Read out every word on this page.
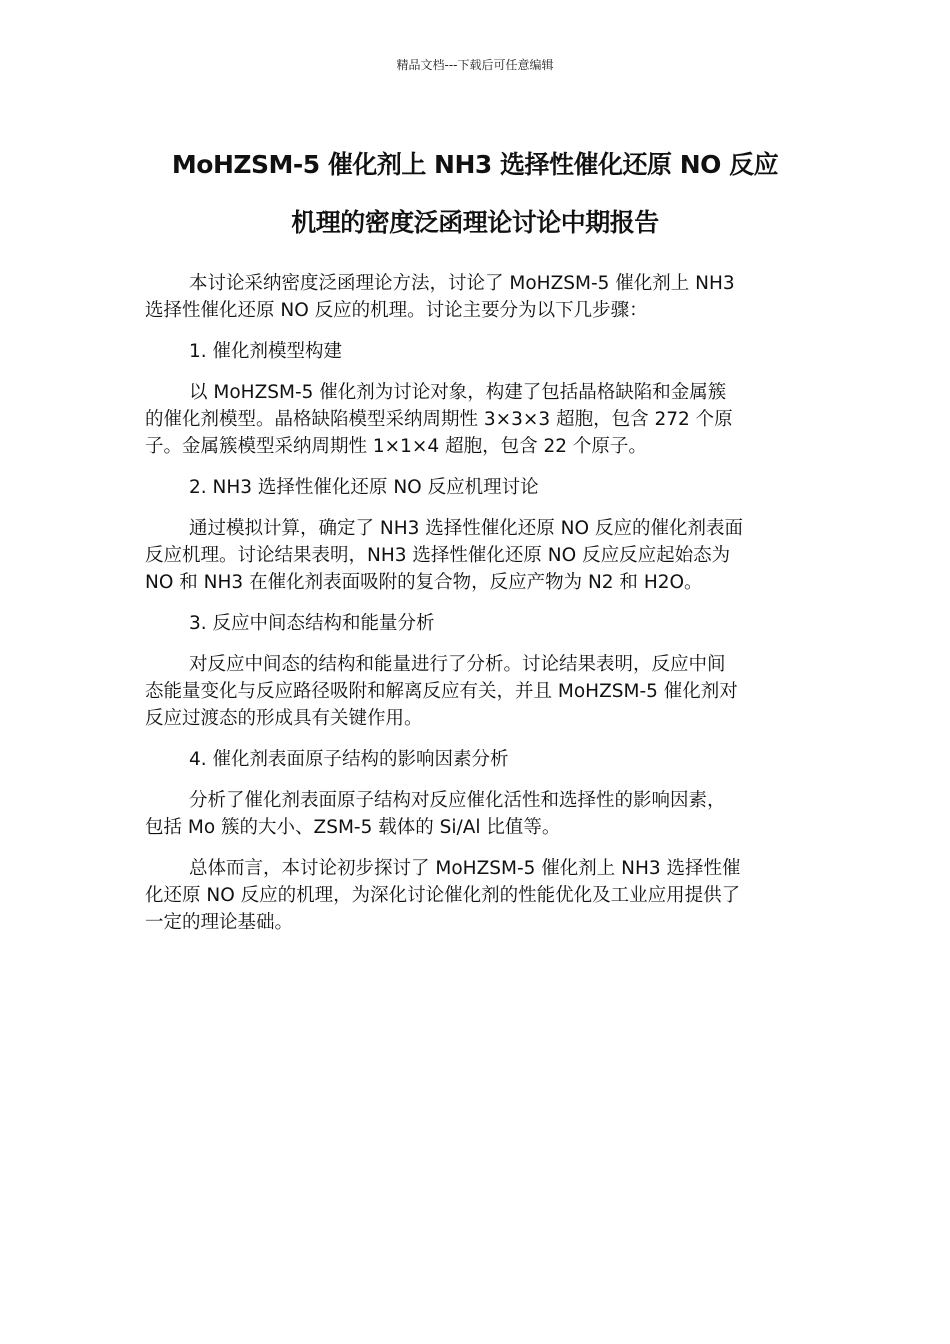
精品文档---下载后可任意编辑
MoHZSM-5 催化剂上 NH3 选择性催化还原 NO 反应
机理的密度泛函理论讨论中期报告

本讨论采纳密度泛函理论方法，讨论了 MoHZSM-5 催化剂上 NH3
选择性催化还原 NO 反应的机理。讨论主要分为以下几步骤：

1. 催化剂模型构建

以 MoHZSM-5 催化剂为讨论对象，构建了包括晶格缺陷和金属簇
的催化剂模型。晶格缺陷模型采纳周期性 3×3×3 超胞，包含 272 个原
子。金属簇模型采纳周期性 1×1×4 超胞，包含 22 个原子。

2. NH3 选择性催化还原 NO 反应机理讨论

通过模拟计算，确定了 NH3 选择性催化还原 NO 反应的催化剂表面
反应机理。讨论结果表明，NH3 选择性催化还原 NO 反应反应起始态为
NO 和 NH3 在催化剂表面吸附的复合物，反应产物为 N2 和 H2O。

3. 反应中间态结构和能量分析

对反应中间态的结构和能量进行了分析。讨论结果表明，反应中间
态能量变化与反应路径吸附和解离反应有关，并且 MoHZSM-5 催化剂对
反应过渡态的形成具有关键作用。

4. 催化剂表面原子结构的影响因素分析

分析了催化剂表面原子结构对反应催化活性和选择性的影响因素，
包括 Mo 簇的大小、ZSM-5 载体的 Si/Al 比值等。

总体而言，本讨论初步探讨了 MoHZSM-5 催化剂上 NH3 选择性催
化还原 NO 反应的机理，为深化讨论催化剂的性能优化及工业应用提供了
一定的理论基础。
